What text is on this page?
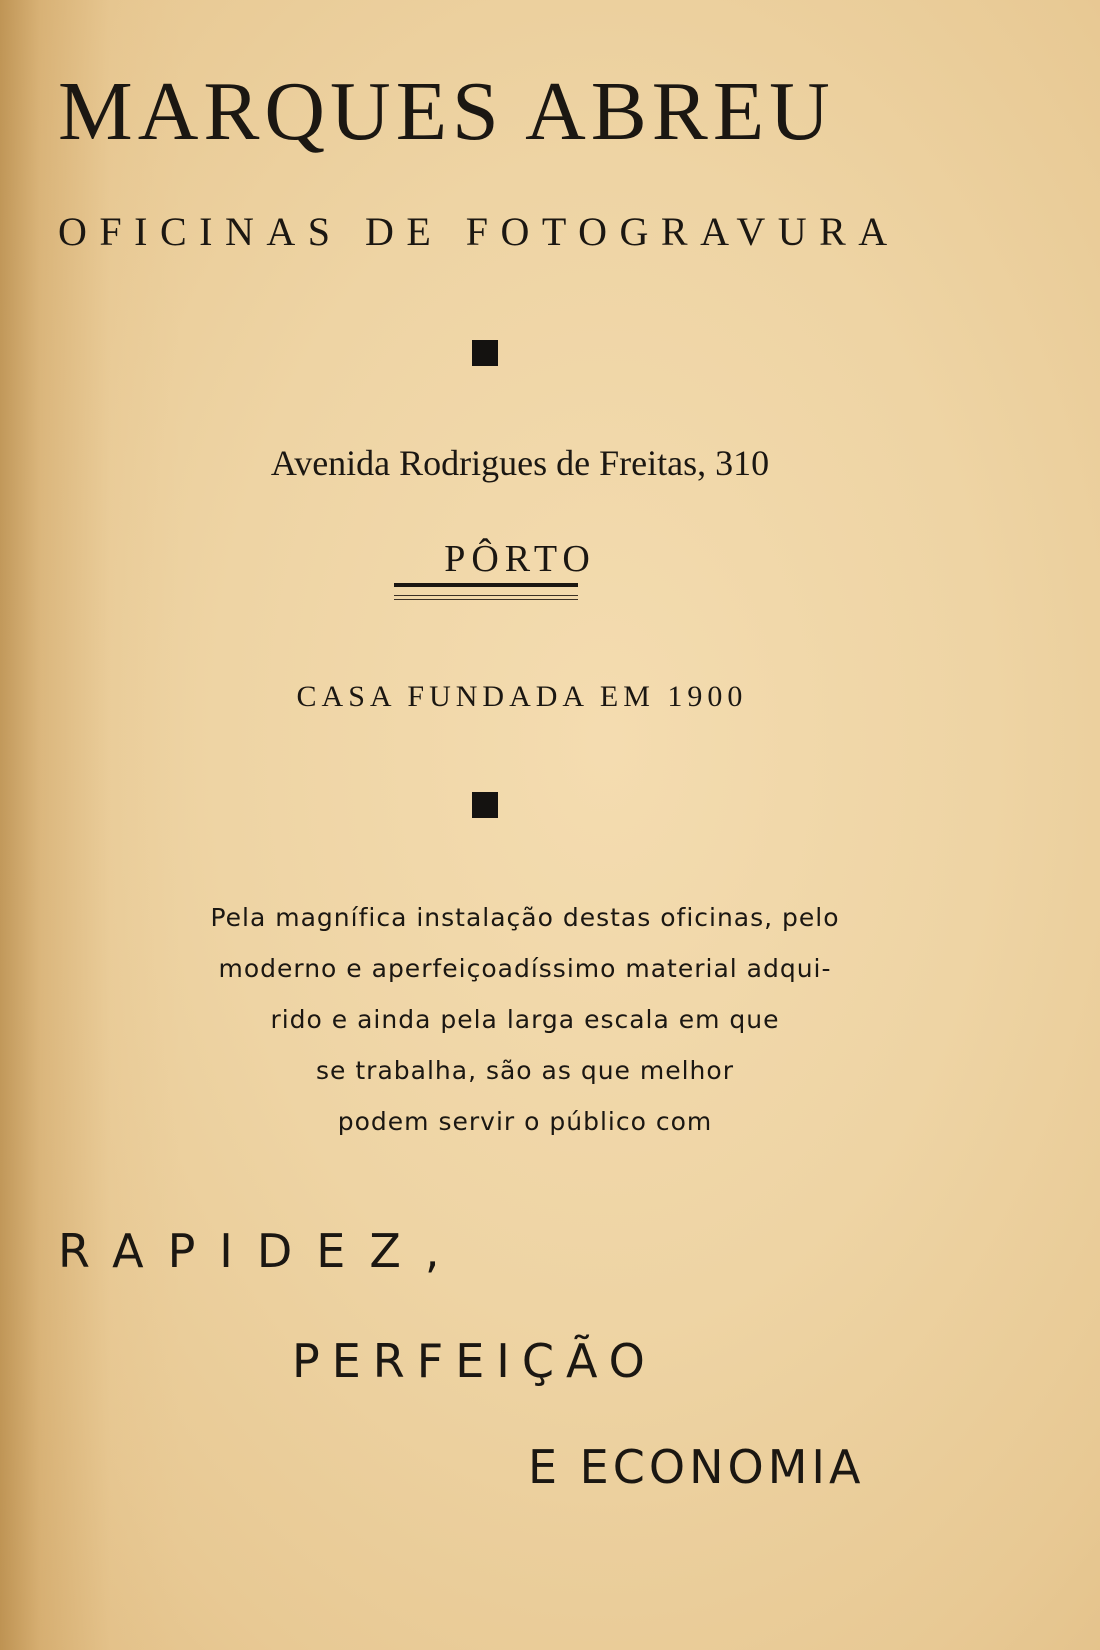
MARQUES ABREU
OFICINAS DE FOTOGRAVURA
Avenida Rodrigues de Freitas, 310
PÔRTO
CASA FUNDADA EM 1900
Pela magnífica instalação destas oficinas, pelo
moderno e aperfeiçoadíssimo material adqui-
rido e ainda pela larga escala em que
se trabalha, são as que melhor
podem servir o público com
RAPIDEZ,
PERFEIÇÃO
E ECONOMIA
